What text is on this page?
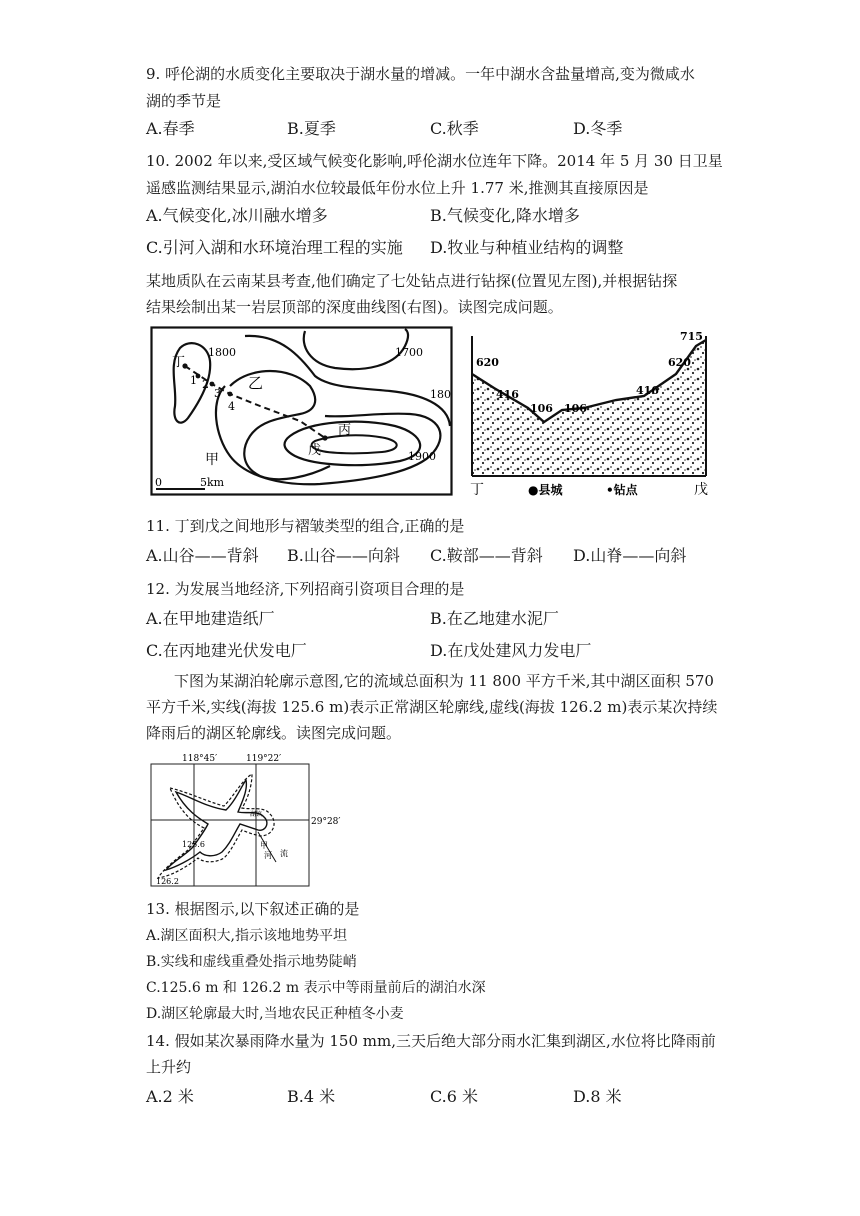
9. 呼伦湖的水质变化主要取决于湖水量的增减。一年中湖水含盐量增高,变为微咸水
湖的季节是
A.春季	B.夏季	C.秋季	D.冬季
10. 2002 年以来,受区域气候变化影响,呼伦湖水位连年下降。2014 年 5 月 30 日卫星
遥感监测结果显示,湖泊水位较最低年份水位上升 1.77 米,推测其直接原因是
A.气候变化,冰川融水增多	B.气候变化,降水增多
C.引河入湖和水环境治理工程的实施 D.牧业与种植业结构的调整
某地质队在云南某县考查,他们确定了七处钻点进行钻探(位置见左图),并根据钻探
结果绘制出某一岩层顶部的深度曲线图(右图)。读图完成问题。
丁
1 2
3
4
1800	1700
180
1900
乙
甲
丙
戊
0	5km
620
416
106 106
416
620
715
丁	戊
●县城	•钻点
11. 丁到戊之间地形与褶皱类型的组合,正确的是
A.山谷——背斜 B.山谷——向斜 C.鞍部——背斜 D.山脊——向斜
12. 为发展当地经济,下列招商引资项目合理的是
A.在甲地建造纸厂	B.在乙地建水泥厂
C.在丙地建光伏发电厂	D.在戊处建风力发电厂
下图为某湖泊轮廓示意图,它的流域总面积为 11 800 平方千米,其中湖区面积 570
平方千米,实线(海拔 125.6 m)表示正常湖区轮廓线,虚线(海拔 126.2 m)表示某次持续
降雨后的湖区轮廓线。读图完成问题。
118°45′	119°22′
29°28′
125.6
126.2
湖镇
甲
河 流
13. 根据图示,以下叙述正确的是
A.湖区面积大,指示该地地势平坦
B.实线和虚线重叠处指示地势陡峭
C.125.6 m 和 126.2 m 表示中等雨量前后的湖泊水深
D.湖区轮廓最大时,当地农民正种植冬小麦
14. 假如某次暴雨降水量为 150 mm,三天后绝大部分雨水汇集到湖区,水位将比降雨前
上升约
A.2 米	B.4 米	C.6 米	D.8 米
